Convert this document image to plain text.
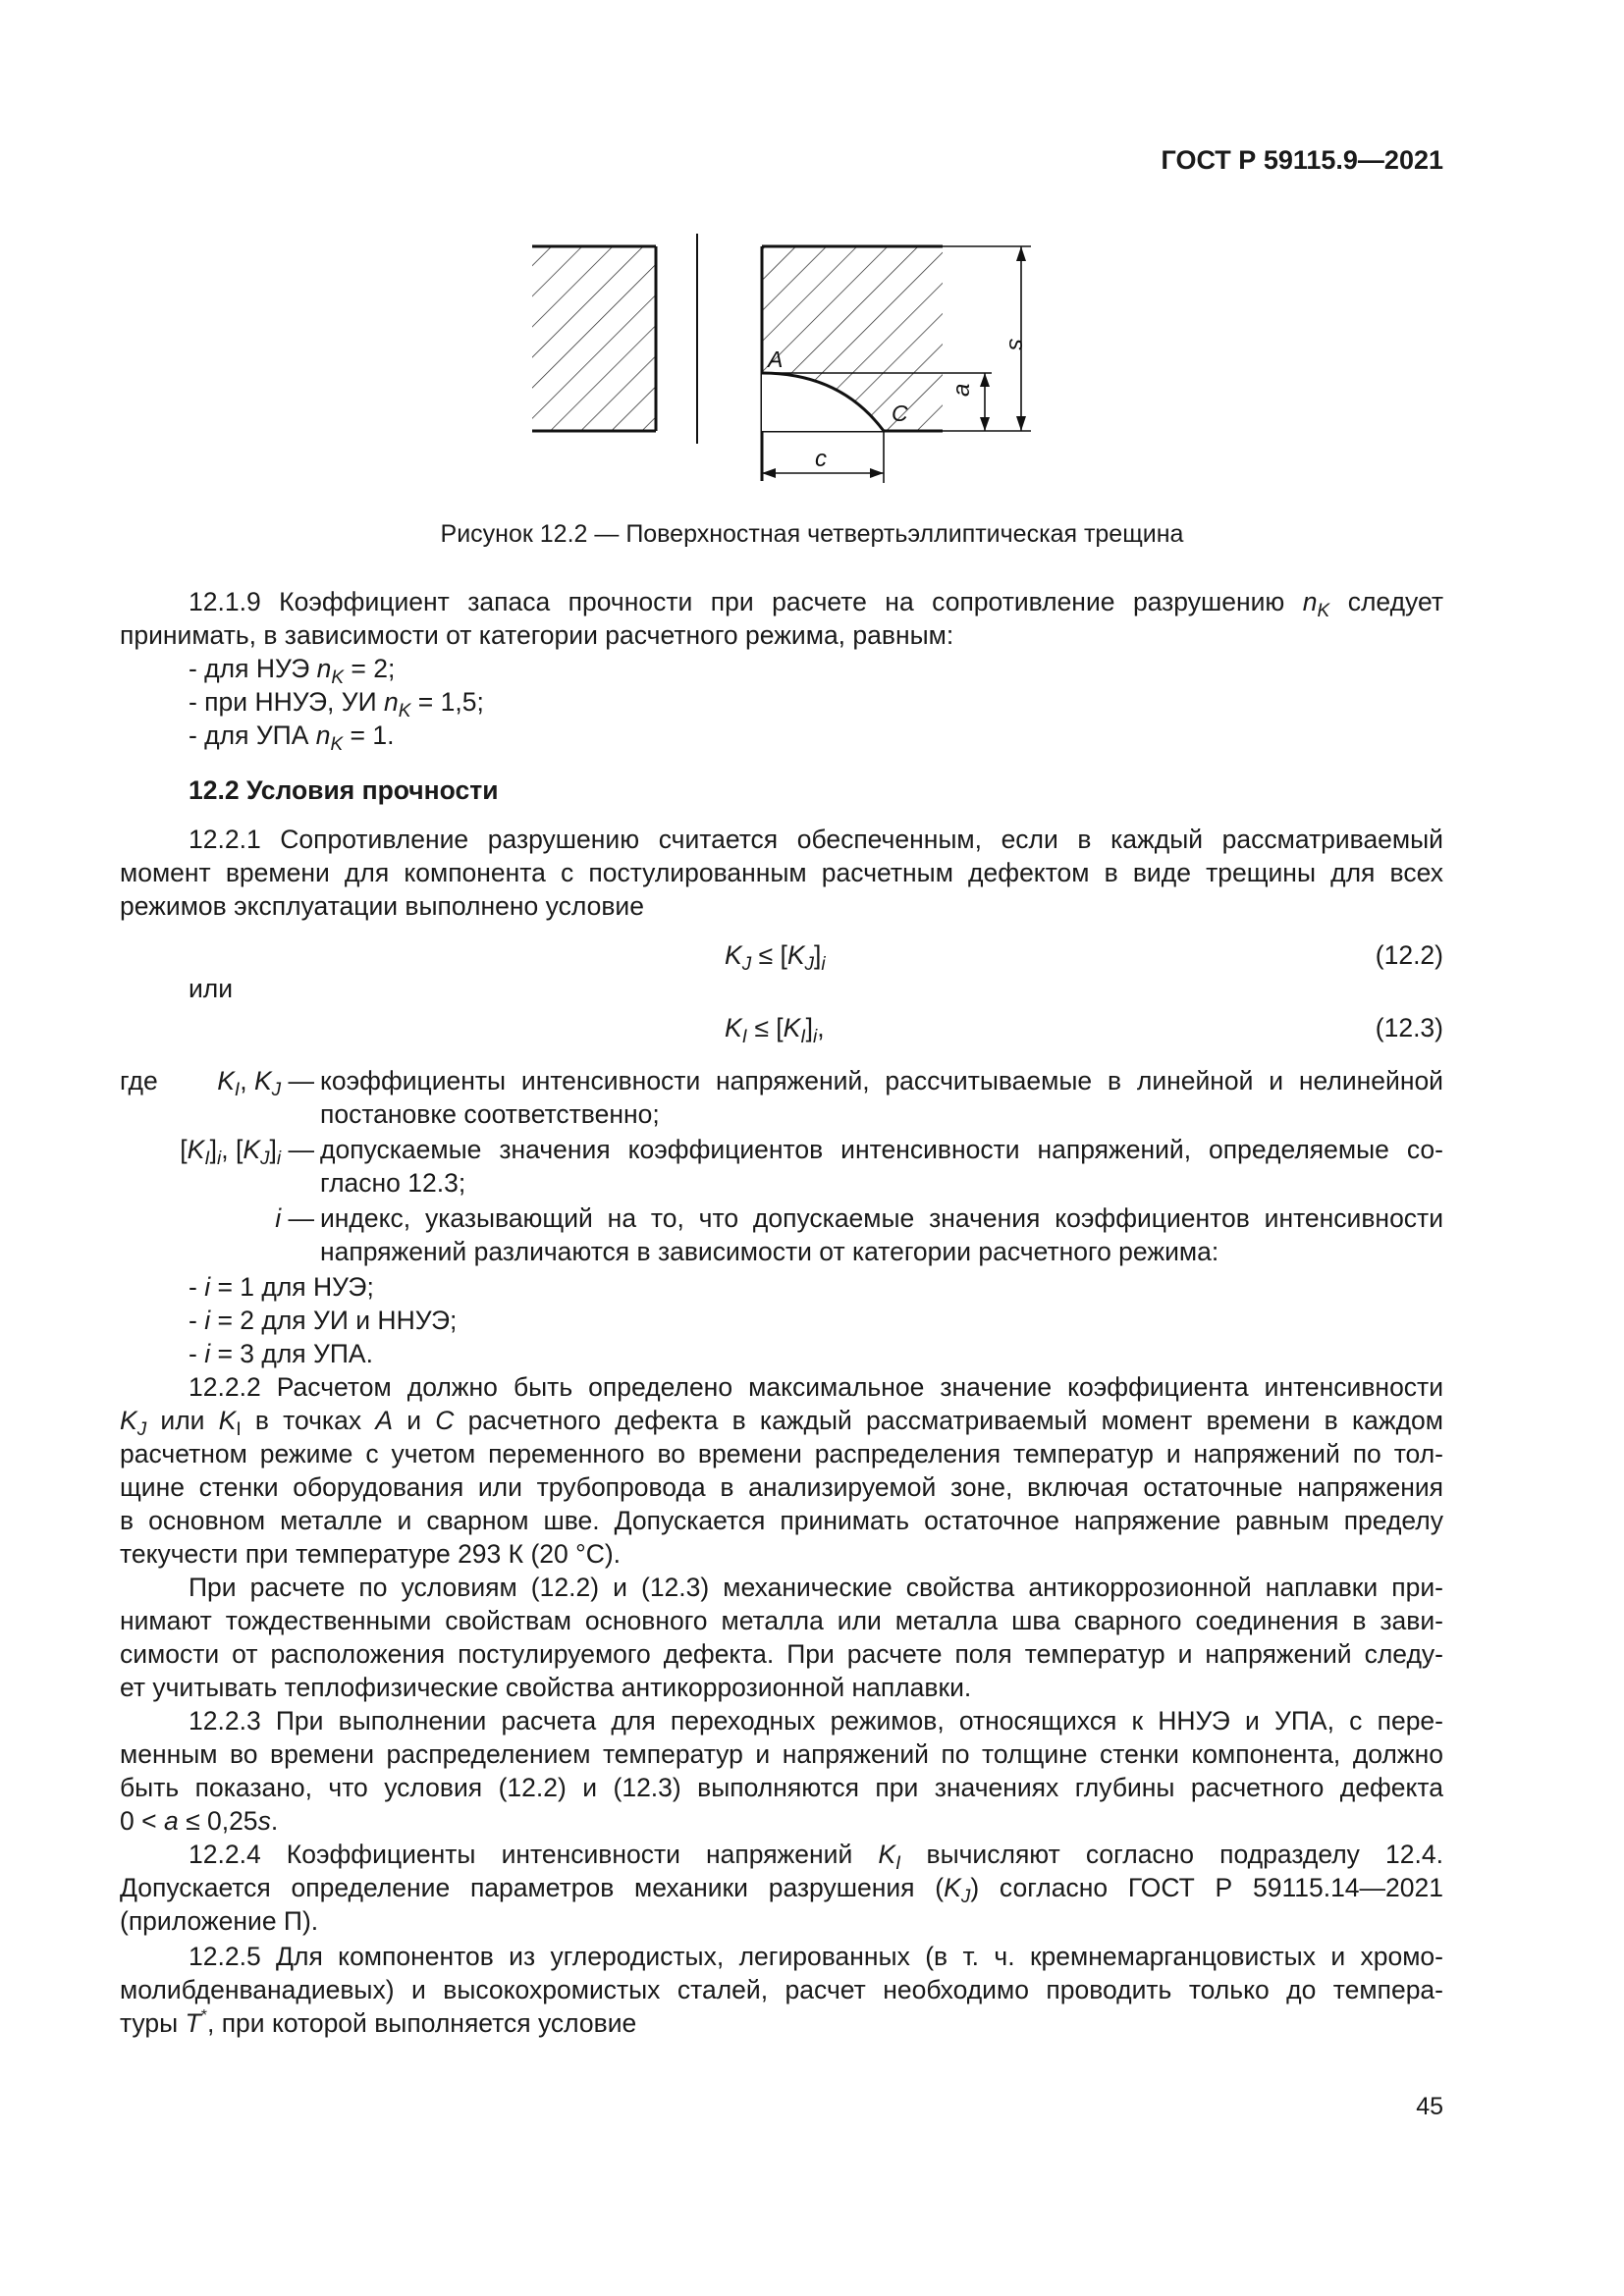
ГОСТ Р 59115.9—2021
s
a
A
C
c
Рисунок 12.2 — Поверхностная четвертьэллиптическая трещина
12.1.9 Коэффициент запаса прочности при расчете на сопротивление разрушению $n_K$ следует
принимать, в зависимости от категории расчетного режима, равным:
- для НУЭ $n_K = 2$;
- при ННУЭ, УИ $n_K = 1,5$;
- для УПА $n_K = 1$.
12.2 Условия прочности
12.2.1 Сопротивление разрушению считается обеспеченным, если в каждый рассматриваемый
момент времени для компонента с постулированным расчетным дефектом в виде трещины для всех
режимов эксплуатации выполнено условие
$K_J \le [K_J]_i$	(12.2)
или
$K_I \le [K_I]_i$,	(12.3)
где	$K_I$, $K_J$ — коэффициенты интенсивности напряжений, рассчитываемые в линейной и нелинейной
постановке соответственно;
$[K_I]_i$, $[K_J]_i$ — допускаемые значения коэффициентов интенсивности напряжений, определяемые со-
гласно 12.3;
i — индекс, указывающий на то, что допускаемые значения коэффициентов интенсивности
напряжений различаются в зависимости от категории расчетного режима:
- i = 1 для НУЭ;
- i = 2 для УИ и ННУЭ;
- i = 3 для УПА.
12.2.2 Расчетом должно быть определено максимальное значение коэффициента интенсивности
$K_J$ или $K_I$ в точках A и C расчетного дефекта в каждый рассматриваемый момент времени в каждом
расчетном режиме с учетом переменного во времени распределения температур и напряжений по тол-
щине стенки оборудования или трубопровода в анализируемой зоне, включая остаточные напряжения
в основном металле и сварном шве. Допускается принимать остаточное напряжение равным пределу
текучести при температуре 293 К (20 °С).
При расчете по условиям (12.2) и (12.3) механические свойства антикоррозионной наплавки при-
нимают тождественными свойствам основного металла или металла шва сварного соединения в зави-
симости от расположения постулируемого дефекта. При расчете поля температур и напряжений следу-
ет учитывать теплофизические свойства антикоррозионной наплавки.
12.2.3 При выполнении расчета для переходных режимов, относящихся к ННУЭ и УПА, с пере-
менным во времени распределением температур и напряжений по толщине стенки компонента, должно
быть показано, что условия (12.2) и (12.3) выполняются при значениях глубины расчетного дефекта
0 < a ≤ 0,25s.
12.2.4 Коэффициенты интенсивности напряжений $K_I$ вычисляют согласно подразделу 12.4.
Допускается определение параметров механики разрушения $(K_J)$ согласно ГОСТ Р 59115.14—2021
(приложение П).
12.2.5 Для компонентов из углеродистых, легированных (в т. ч. кремнемарганцовистых и хромо-
молибденванадиевых) и высокохромистых сталей, расчет необходимо проводить только до темпера-
туры T*, при которой выполняется условие
45
